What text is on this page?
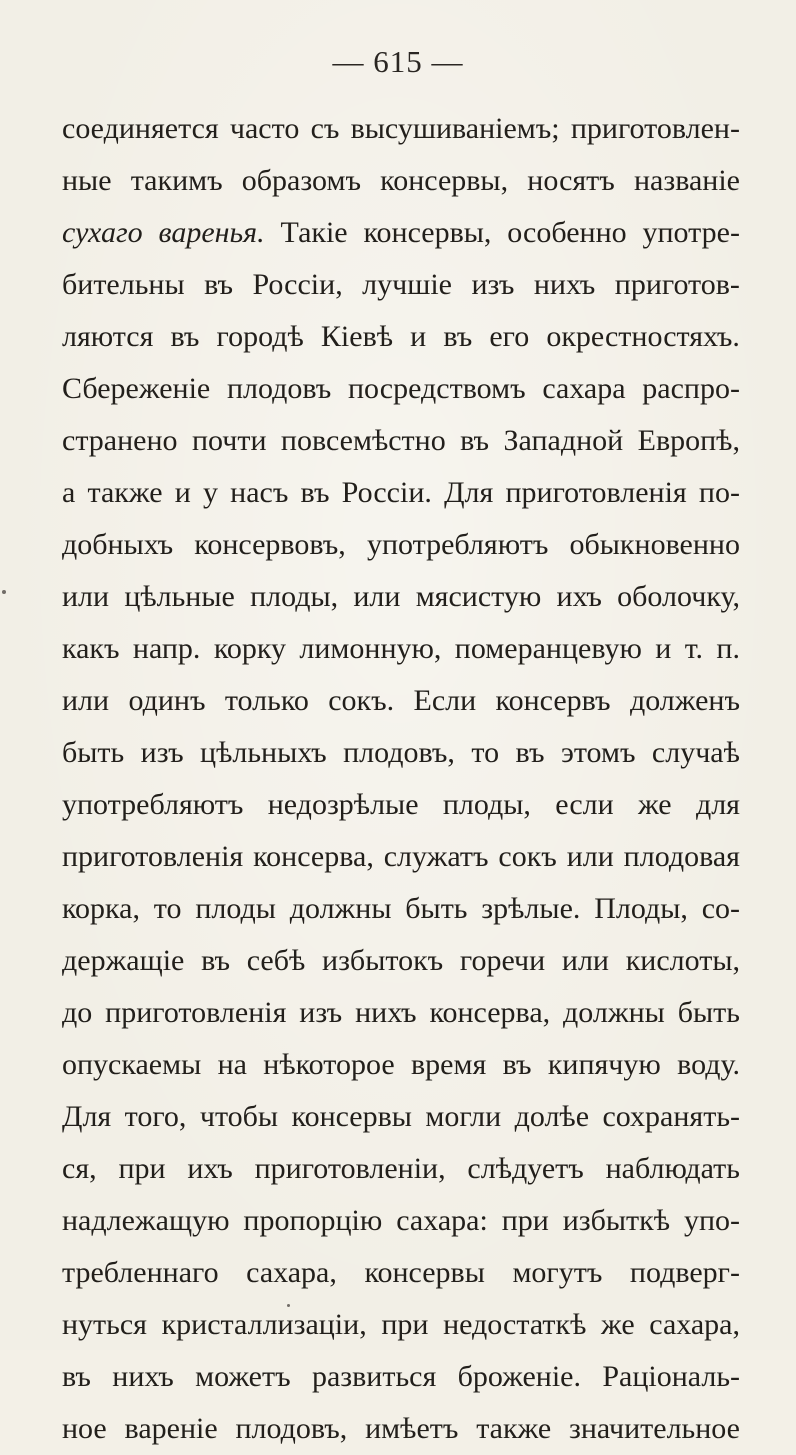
— 615 —
соединяется часто съ высушиваніемъ; приготовлен-
ные такимъ образомъ консервы, носятъ названіе
сухаго варенья. Такіе консервы, особенно употре-
бительны въ Россіи, лучшіе изъ нихъ приготов-
ляются въ городѣ Кіевѣ и въ его окрестностяхъ.
Сбереженіе плодовъ посредствомъ сахара распро-
странено почти повсемѣстно въ Западной Европѣ,
а также и у насъ въ Россіи. Для приготовленія по-
добныхъ консервовъ, употребляютъ обыкновенно
или цѣльные плоды, или мясистую ихъ оболочку,
какъ напр. корку лимонную, померанцевую и т. п.
или одинъ только сокъ. Если консервъ долженъ
быть изъ цѣльныхъ плодовъ, то въ этомъ случаѣ
употребляютъ недозрѣлые плоды, если же для
приготовленія консерва, служатъ сокъ или плодовая
корка, то плоды должны быть зрѣлые. Плоды, со-
держащіе въ себѣ избытокъ горечи или кислоты,
до приготовленія изъ нихъ консерва, должны быть
опускаемы на нѣкоторое время въ кипячую воду.
Для того, чтобы консервы могли долѣе сохранять-
ся, при ихъ приготовленіи, слѣдуетъ наблюдать
надлежащую пропорцію сахара: при избыткѣ упо-
требленнаго сахара, консервы могутъ подверг-
нуться кристаллизаціи, при недостаткѣ же сахара,
въ нихъ можетъ развиться броженіе. Раціональ-
ное вареніе плодовъ, имѣетъ также значительное
